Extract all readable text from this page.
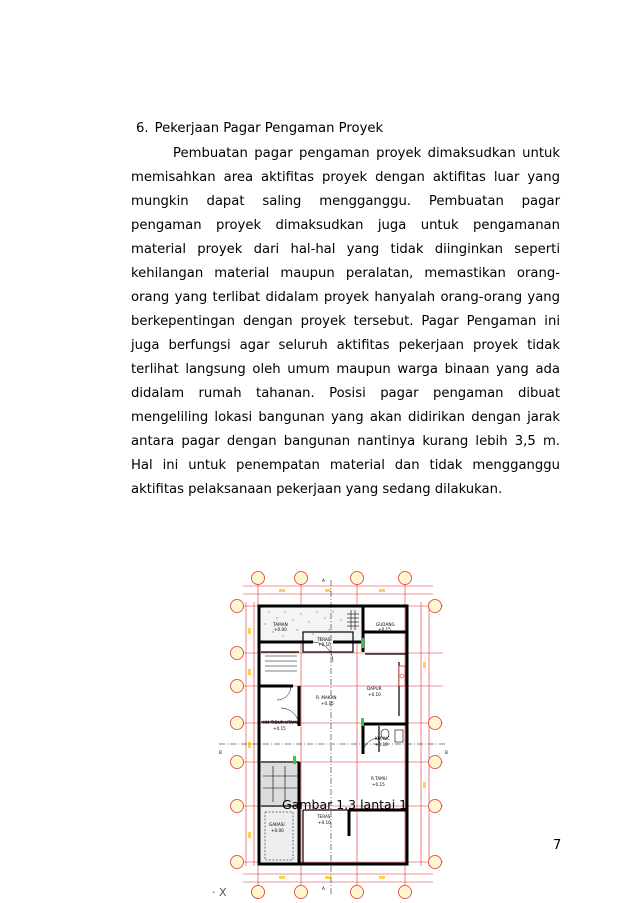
6. Pekerjaan Pagar Pengaman Proyek

Pembuatan pagar pengaman proyek dimaksudkan untuk memisahkan area aktifitas proyek dengan aktifitas luar yang mungkin dapat saling mengganggu. Pembuatan pagar pengaman proyek dimaksudkan juga untuk pengamanan material proyek dari hal-hal yang tidak diinginkan seperti kehilangan material maupun peralatan, memastikan orang-orang yang terlibat didalam proyek hanyalah orang-orang yang berkepentingan dengan proyek tersebut. Pagar Pengaman ini juga berfungsi agar seluruh aktifitas pekerjaan proyek tidak terlihat langsung oleh umum maupun warga binaan yang ada didalam rumah tahanan. Posisi pagar pengaman dibuat mengeliling lokasi bangunan yang akan didirikan dengan jarak antara pagar dengan bangunan nantinya kurang lebih 3,5 m. Hal ini untuk penempatan material dan tidak mengganggu aktifitas pelaksanaan pekerjaan yang sedang dilakukan.

TAMAN
+0.00
GUDANG
+0.15
TERAS
+0.10
DAPUR
+0.10
R. MAKAN
+0.15
KM TIDUR UTAMA
+0.15
KM/WC
+0.10
R.TAMU
+0.15
TERAS
+0.10
GARASI
+0.00
A
A
B	B
Gambar 1.3 lantai 1
7
· X
